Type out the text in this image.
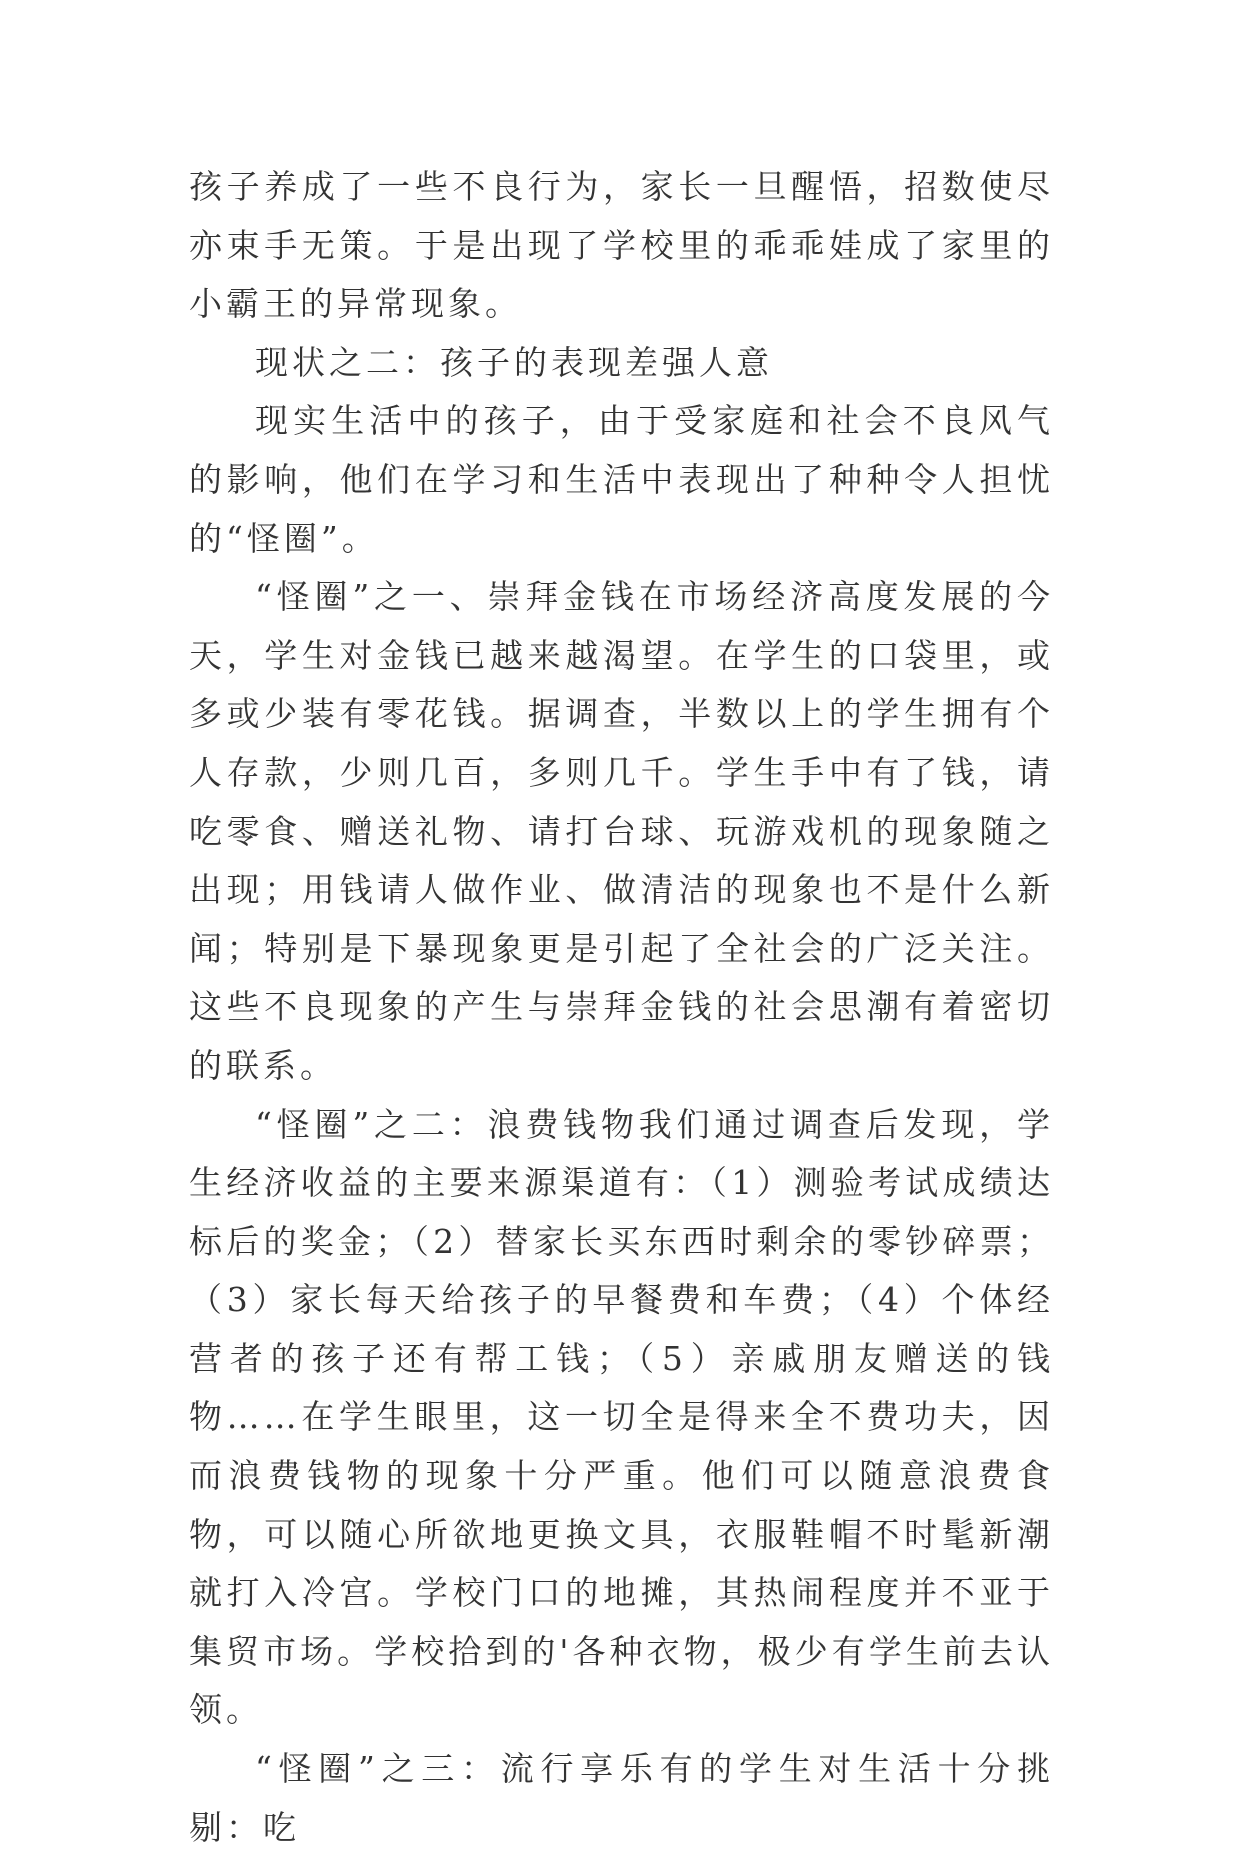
孩子养成了一些不良行为，家长一旦醒悟，招数使尽亦束手无策。于是出现了学校里的乖乖娃成了家里的小霸王的异常现象。

现状之二：孩子的表现差强人意

现实生活中的孩子，由于受家庭和社会不良风气的影响，他们在学习和生活中表现出了种种令人担忧的“怪圈”。

“怪圈”之一、崇拜金钱在市场经济高度发展的今天，学生对金钱已越来越渴望。在学生的口袋里，或多或少装有零花钱。据调查，半数以上的学生拥有个人存款，少则几百，多则几千。学生手中有了钱，请吃零食、赠送礼物、请打台球、玩游戏机的现象随之出现；用钱请人做作业、做清洁的现象也不是什么新闻；特别是下暴现象更是引起了全社会的广泛关注。这些不良现象的产生与崇拜金钱的社会思潮有着密切的联系。

“怪圈”之二：浪费钱物我们通过调查后发现，学生经济收益的主要来源渠道有：（1）测验考试成绩达标后的奖金；（2）替家长买东西时剩余的零钞碎票；（3）家长每天给孩子的早餐费和车费；（4）个体经营者的孩子还有帮工钱；（5）亲戚朋友赠送的钱物……在学生眼里，这一切全是得来全不费功夫，因而浪费钱物的现象十分严重。他们可以随意浪费食物，可以随心所欲地更换文具，衣服鞋帽不时髦新潮就打入冷宫。学校门口的地摊，其热闹程度并不亚于集贸市场。学校拾到的'各种衣物，极少有学生前去认领。

“怪圈”之三：流行享乐有的学生对生活十分挑剔：吃
